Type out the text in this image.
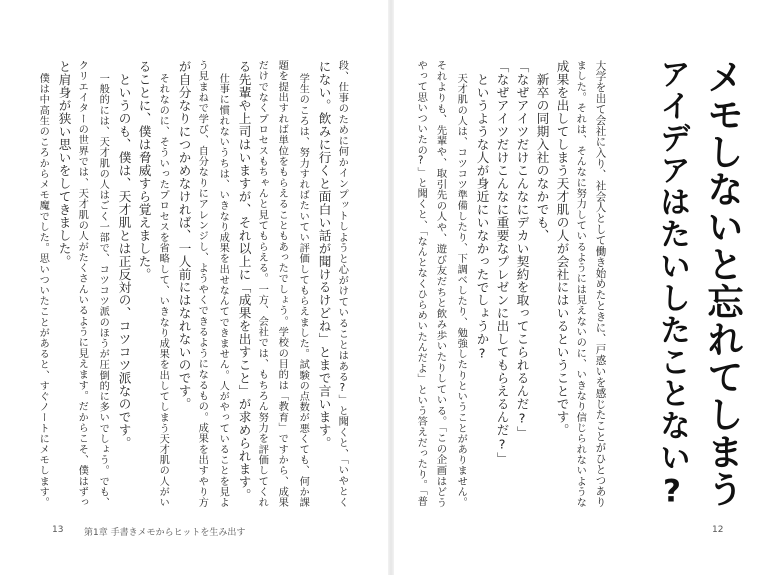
段、仕事のために何かインプットしようと心がけていることはある?」と聞くと、「いやとく
にない。飲みに行くと面白い話が聞けるけどね」とまで言います。
学生のころは、努力すればたいてい評価してもらえました。試験の点数が悪くても、何か課
題を提出すれば単位をもらえることもあったでしょう。学校の目的は「教育」ですから、成果
だけでなくプロセスもちゃんと見てもらえる。一方、会社では、もちろん努力を評価してくれ
る先輩や上司はいますが、それ以上に「成果を出すこと」が求められます。
仕事に慣れないうちは、いきなり成果を出せなんてできません。人がやっていることを見よ
う見まねで学び、自分なりにアレンジし、ようやくできるようになるもの。成果を出すやり方
が自分なりにつかめなければ、一人前にはなれないのです。
それなのに、そういったプロセスを省略して、いきなり成果を出してしまう天才肌の人がい
ることに、僕は脅威すら覚えました。
というのも、僕は、天才肌とは正反対の、コツコツ派なのです。
一般的には、天才肌の人はごく一部で、コツコツ派のほうが圧倒的に多いでしょう。でも、
クリエイターの世界では、天才肌の人がたくさんいるように見えます。だからこそ、僕はずっ
と肩身が狭い思いをしてきました。
僕は中高生のころからメモ魔でした。思いついたことがあると、すぐノートにメモします。
13 第1章 手書きメモからヒットを生み出す
メモしないと忘れてしまう
アイデアはたいしたことない?
大学を出て会社に入り、社会人として働き始めたときに、戸惑いを感じたことがひとつあり
ました。それは、そんなに努力しているようには見えないのに、いきなり信じられないような
成果を出してしまう天才肌の人が会社にはいるということです。
新卒の同期入社のなかでも、
「なぜアイツだけこんなにデカい契約を取ってこられるんだ?」
「なぜアイツだけこんなに重要なプレゼンに出してもらえるんだ?」
というような人が身近にいなかったでしょうか?
天才肌の人は、コツコツ準備したり、下調べしたり、勉強したりということがありません。
それよりも、先輩や、取引先の人や、遊び友だちと飲み歩いたりしている。「この企画はどう
やって思いついたの?」と聞くと、「なんとなくひらめいたんだよ」という答えだったり。「普
12
